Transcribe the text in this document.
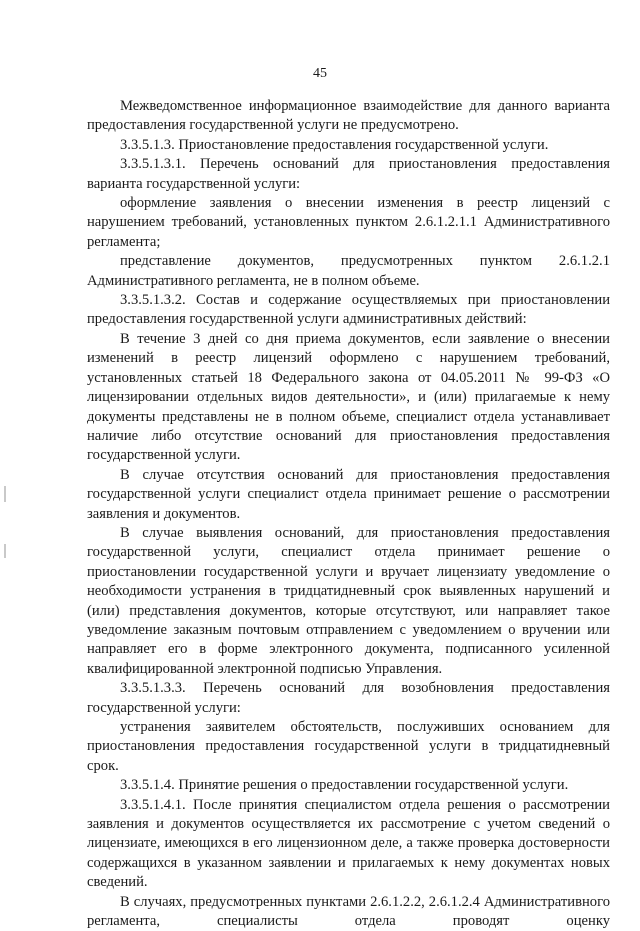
45

Межведомственное информационное взаимодействие для данного варианта предоставления государственной услуги не предусмотрено.

3.3.5.1.3. Приостановление предоставления государственной услуги.

3.3.5.1.3.1. Перечень оснований для приостановления предоставления варианта государственной услуги:

оформление заявления о внесении изменения в реестр лицензий с нарушением требований, установленных пунктом 2.6.1.2.1.1 Административного регламента;

представление документов, предусмотренных пунктом 2.6.1.2.1 Административного регламента, не в полном объеме.

3.3.5.1.3.2. Состав и содержание осуществляемых при приостановлении предоставления государственной услуги административных действий:

В течение 3 дней со дня приема документов, если заявление о внесении изменений в реестр лицензий оформлено с нарушением требований, установленных статьей 18 Федерального закона от 04.05.2011 № 99-ФЗ «О лицензировании отдельных видов деятельности», и (или) прилагаемые к нему документы представлены не в полном объеме, специалист отдела устанавливает наличие либо отсутствие оснований для приостановления предоставления государственной услуги.

В случае отсутствия оснований для приостановления предоставления государственной услуги специалист отдела принимает решение о рассмотрении заявления и документов.

В случае выявления оснований, для приостановления предоставления государственной услуги, специалист отдела принимает решение о приостановлении государственной услуги и вручает лицензиату уведомление о необходимости устранения в тридцатидневный срок выявленных нарушений и (или) представления документов, которые отсутствуют, или направляет такое уведомление заказным почтовым отправлением с уведомлением о вручении или направляет его в форме электронного документа, подписанного усиленной квалифицированной электронной подписью Управления.

3.3.5.1.3.3. Перечень оснований для возобновления предоставления государственной услуги:

устранения заявителем обстоятельств, послуживших основанием для приостановления предоставления государственной услуги в тридцатидневный срок.

3.3.5.1.4. Принятие решения о предоставлении государственной услуги.

3.3.5.1.4.1. После принятия специалистом отдела решения о рассмотрении заявления и документов осуществляется их рассмотрение с учетом сведений о лицензиате, имеющихся в его лицензионном деле, а также проверка достоверности содержащихся в указанном заявлении и прилагаемых к нему документах новых сведений.

В случаях, предусмотренных пунктами 2.6.1.2.2, 2.6.1.2.4 Административного регламента, специалисты отдела проводят оценку
